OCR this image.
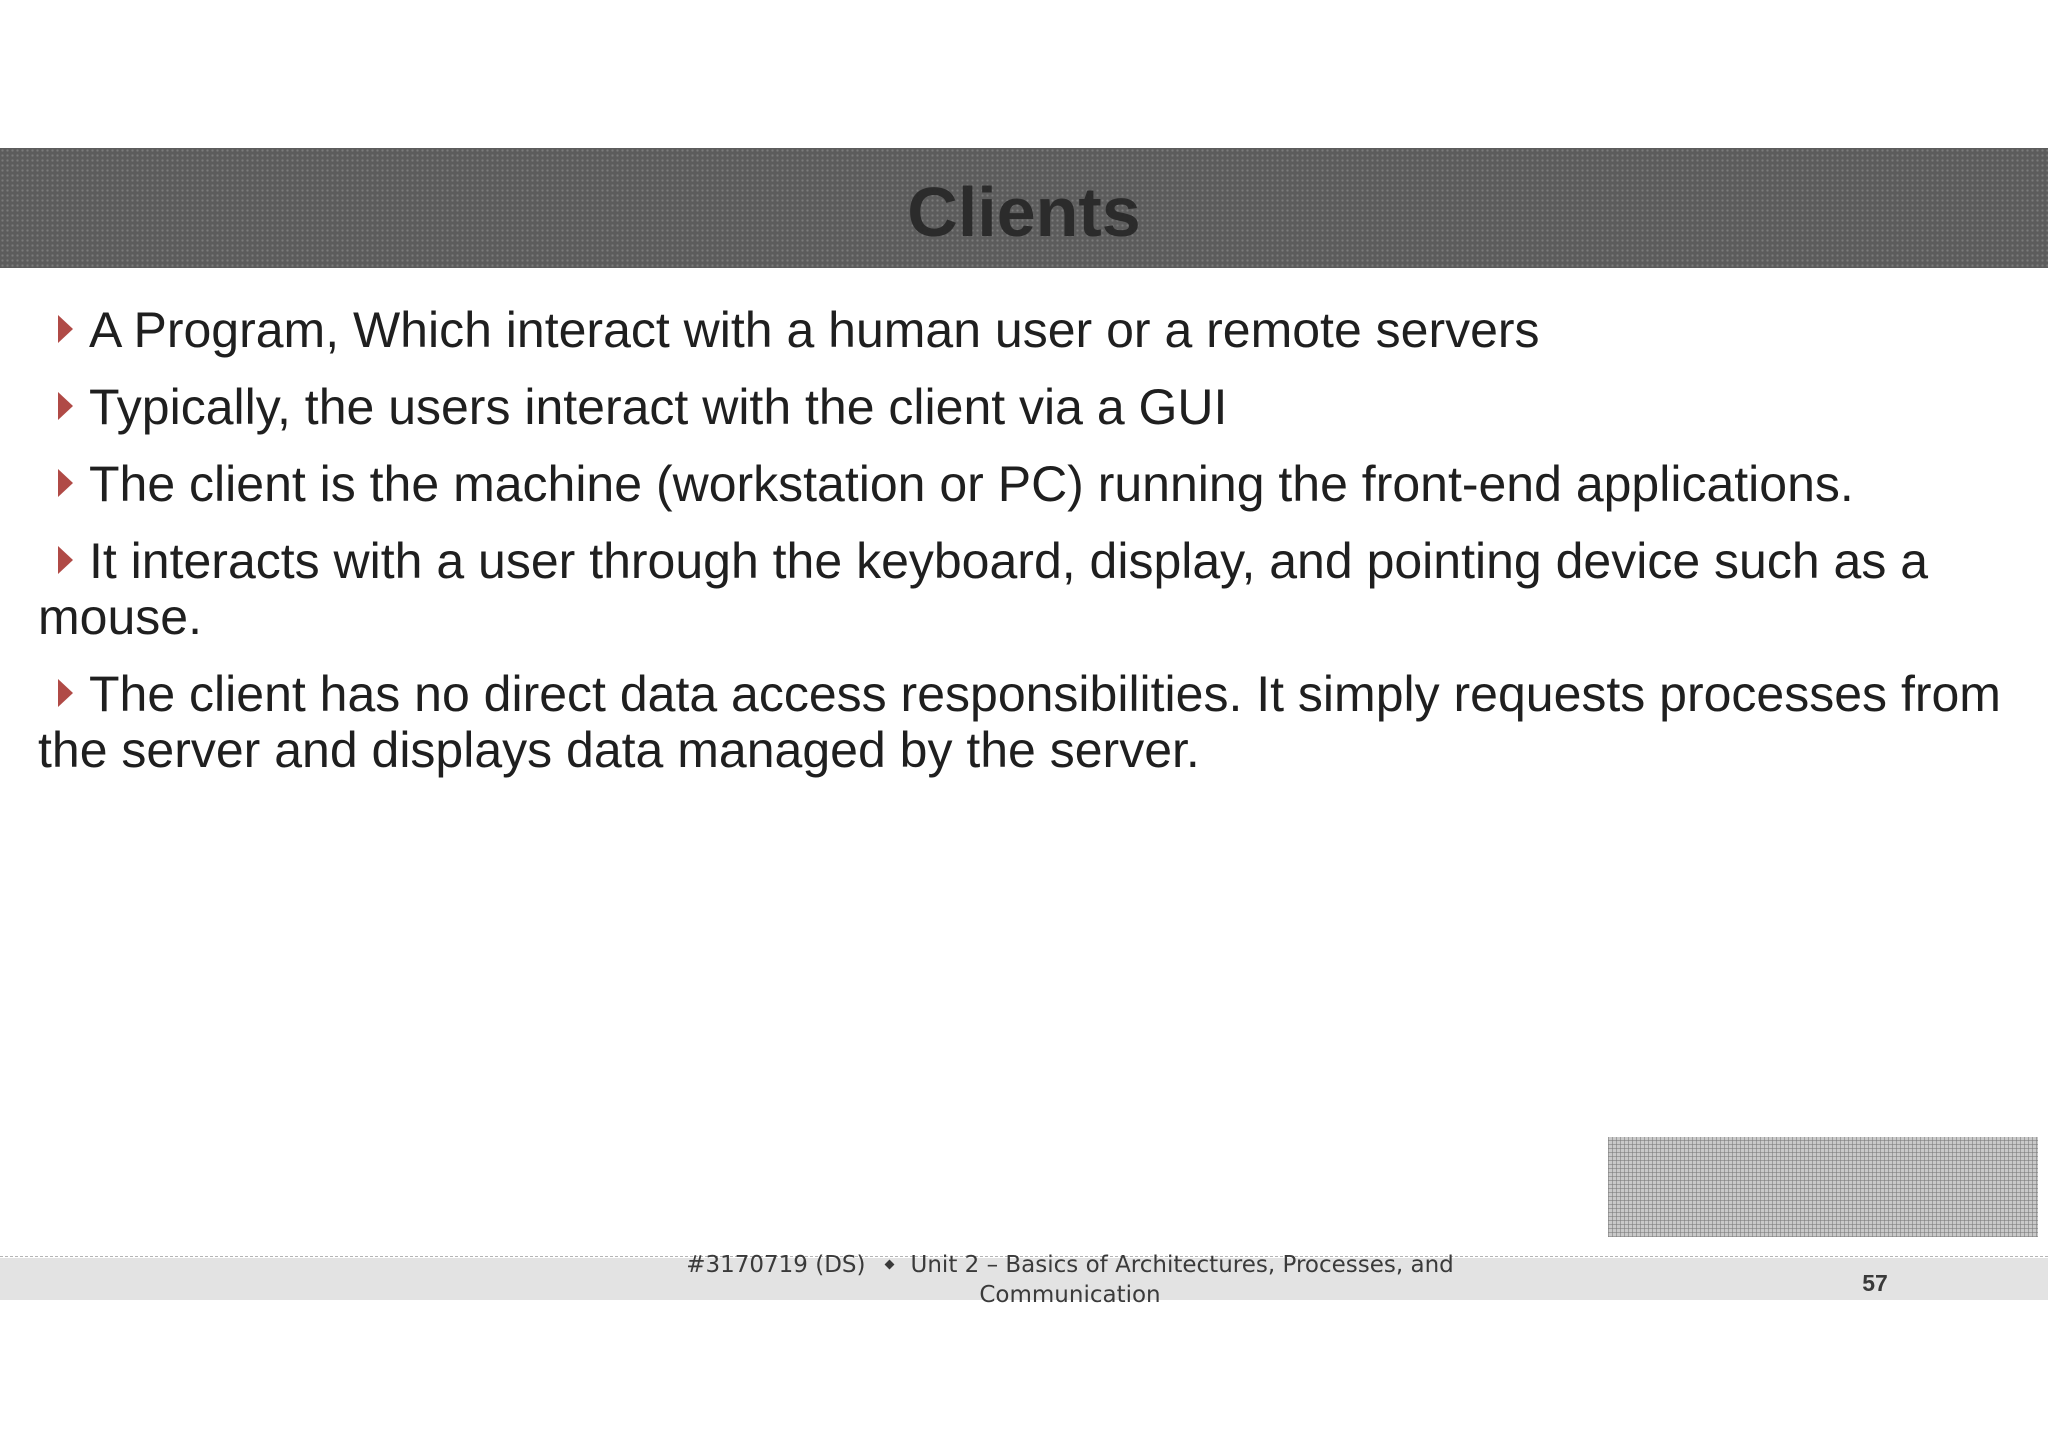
Clients
A Program, Which interact with a human user or a remote servers
Typically, the users interact with the client via a GUI
The client is the machine (workstation or PC) running the front-end applications.
It interacts with a user through the keyboard, display, and pointing device such as a mouse.
The client has no direct data access responsibilities. It simply requests processes from the server and displays data managed by the server.
#3170719 (DS) Unit 2 – Basics of Architectures, Processes, and Communication	57
